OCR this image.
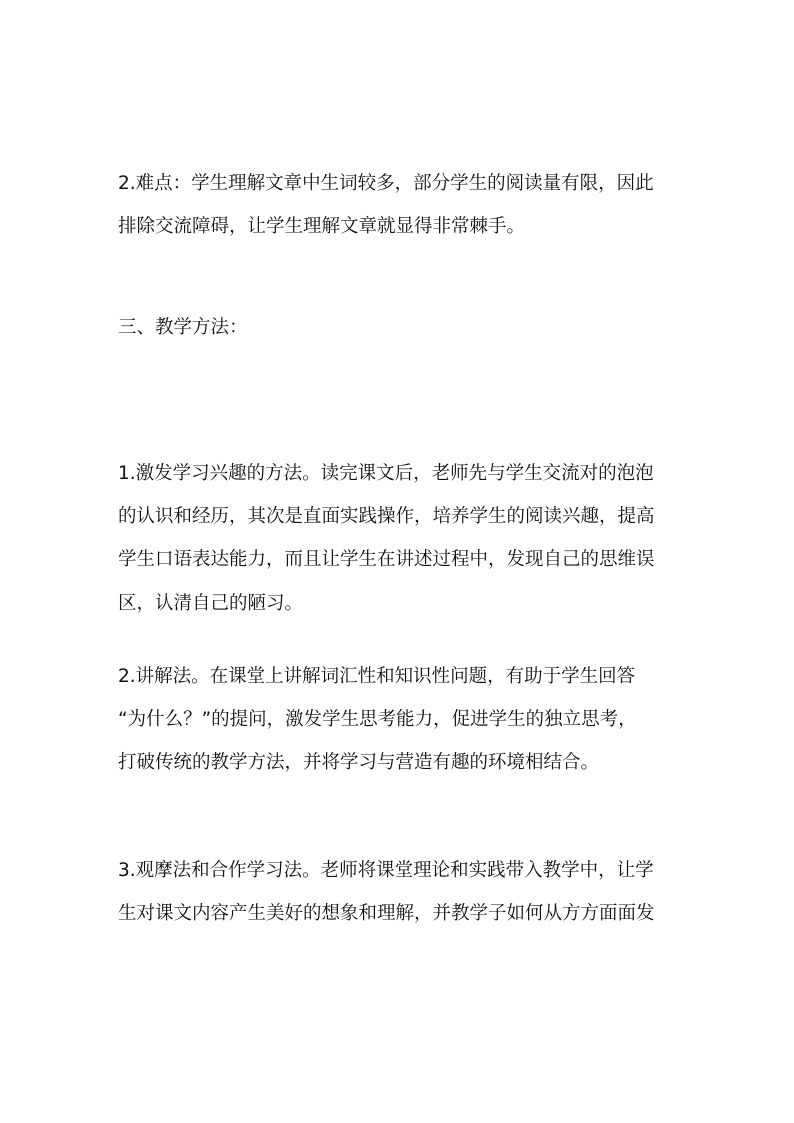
2.难点：学生理解文章中生词较多，部分学生的阅读量有限，因此
排除交流障碍，让学生理解文章就显得非常棘手。
三、教学方法：
1.激发学习兴趣的方法。读完课文后，老师先与学生交流对的泡泡
的认识和经历，其次是直面实践操作，培养学生的阅读兴趣，提高
学生口语表达能力，而且让学生在讲述过程中，发现自己的思维误
区，认清自己的陋习。
2.讲解法。在课堂上讲解词汇性和知识性问题，有助于学生回答
“为什么？”的提问，激发学生思考能力，促进学生的独立思考，
打破传统的教学方法，并将学习与营造有趣的环境相结合。
3.观摩法和合作学习法。老师将课堂理论和实践带入教学中，让学
生对课文内容产生美好的想象和理解，并教学子如何从方方面面发
